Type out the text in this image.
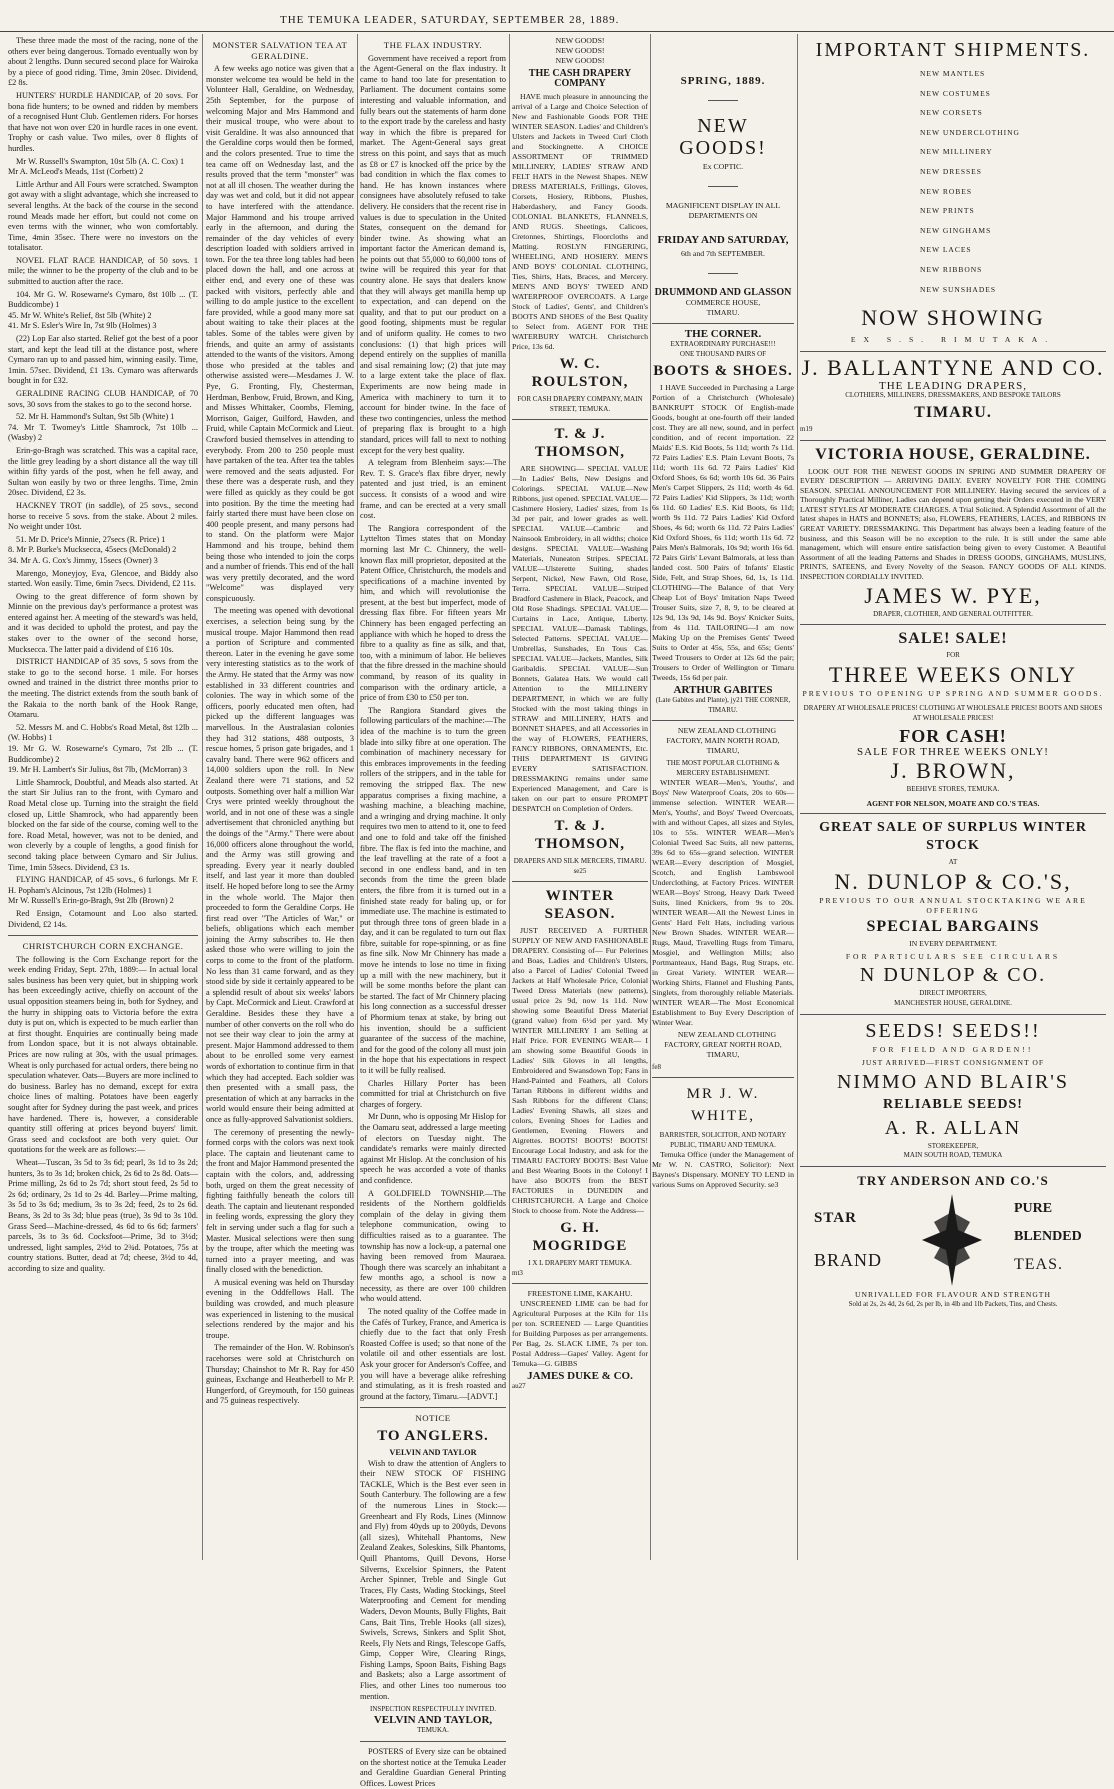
THE TEMUKA LEADER, SATURDAY, SEPTEMBER 28, 1889.

These three made the most of the racing, none of the others ever being dangerous. Tornado eventually won by about 2 lengths. Dunn secured second place for Wairoka by a piece of good riding. Time, 3min 20sec. Dividend, £2 8s.

HUNTERS' HURDLE HANDICAP, of 20 sovs. For bona fide hunters; to be owned and ridden by members of a recognised Hunt Club. Gentlemen riders. For horses that have not won over £20 in hurdle races in one event. Trophy or cash value. Two miles, over 8 flights of hurdles.

Mr W. Russell's Swampton, 10st 5lb (A. C. Cox) 1
Mr A. McLeod's Meads, 11st (Corbett) 2

Little Arthur and All Fours were scratched. Swampton got away with a slight advantage, which she increased to several lengths. At the back of the course in the second round Meads made her effort, but could not come on even terms with the winner, who won comfortably. Time, 4min 35sec. There were no investors on the totalisator.

NOVEL FLAT RACE HANDICAP, of 50 sovs. 1 mile; the winner to be the property of the club and to be submitted to auction after the race.

104. Mr G. W. Rosewarne's Cymaro, 8st 10lb ... (T. Buddicombe) 1
45. Mr W. White's Relief, 8st 5lb (White) 2
41. Mr S. Esler's Wire In, 7st 9lb (Holmes) 3

(22) Lop Ear also started. Relief got the best of a poor start, and kept the lead till at the distance post, where Cymaro ran up to and passed him, winning easily. Time, 1min. 57sec. Dividend, £1 13s. Cymaro was afterwards bought in for £32.

GERALDINE RACING CLUB HANDICAP, of 70 sovs, 30 sovs from the stakes to go to the second horse.

52. Mr H. Hammond's Sultan, 9st 5lb (White) 1
74. Mr T. Twomey's Little Shamrock, 7st 10lb ... (Wasby) 2

Erin-go-Bragh was scratched. This was a capital race, the little grey leading by a short distance all the way till within fifty yards of the post, when he fell away, and Sultan won easily by two or three lengths. Time, 2min 20sec. Dividend, £2 3s.

HACKNEY TROT (in saddle), of 25 sovs., second horse to receive 5 sovs. from the stake. About 2 miles. No weight under 10st.

51. Mr D. Price's Minnie, 27secs (R. Price) 1
8. Mr P. Burke's Mucksecca, 45secs (McDonald) 2
34. Mr A. G. Cox's Jimmy, 15secs (Owner) 3

Marengo, Moneyjoy, Eva, Glencoe, and Biddy also started. Won easily. Time, 6min 7secs. Dividend, £2 11s.

Owing to the great difference of form shown by Minnie on the previous day's performance a protest was entered against her. A meeting of the steward's was held, and it was decided to uphold the protest, and pay the stakes over to the owner of the second horse, Mucksecca. The latter paid a dividend of £16 10s.

DISTRICT HANDICAP of 35 sovs, 5 sovs from the stake to go to the second horse. 1 mile. For horses owned and trained in the district three months prior to the meeting. The district extends from the south bank of the Rakaia to the north bank of the Hook Range, Otamaru.

52. Messrs M. and C. Hobbs's Road Metal, 8st 12lb ... (W. Hobbs) 1
19. Mr G. W. Rosewarne's Cymaro, 7st 2lb ... (T. Buddicombe) 2
19. Mr H. Lambert's Sir Julius, 8st 7lb, (McMorran) 3

Little Shamrock, Doubtful, and Meads also started. At the start Sir Julius ran to the front, with Cymaro and Road Metal close up. Turning into the straight the field closed up, Little Shamrock, who had apparently been blocked on the far side of the course, coming well to the fore. Road Metal, however, was not to be denied, and won cleverly by a couple of lengths, a good finish for second taking place between Cymaro and Sir Julius. Time, 1min 53secs. Dividend, £3 1s.

FLYING HANDICAP, of 45 sovs., 6 furlongs. Mr F. H. Popham's Alcinous, 7st 12lb (Holmes) 1
Mr W. Russell's Erin-go-Bragh, 9st 2lb (Brown) 2

Red Ensign, Cotamount and Loo also started. Dividend, £2 14s.

CHRISTCHURCH CORN EXCHANGE.

The following is the Corn Exchange report for the week ending Friday, Sept. 27th, 1889:— In actual local sales business has been very quiet, but in shipping work has been exceedingly active, chiefly on account of the usual opposition steamers being in, both for Sydney, and the hurry in shipping oats to Victoria before the extra duty is put on, which is expected to be much earlier than at first thought. Enquiries are continually being made from London space, but it is not always obtainable. Prices are now ruling at 30s, with the usual primages. Wheat is only purchased for actual orders, there being no speculation whatever. Oats—Buyers are more inclined to do business. Barley has no demand, except for extra choice lines of malting. Potatoes have been eagerly sought after for Sydney during the past week, and prices have hardened. There is, however, a considerable quantity still offering at prices beyond buyers' limit. Grass seed and cocksfoot are both very quiet. Our quotations for the week are as follows:—

Wheat—Tuscan, 3s 5d to 3s 6d; pearl, 3s 1d to 3s 2d; hunters, 3s to 3s 1d; broken chick, 2s 6d to 2s 8d. Oats—Prime milling, 2s 6d to 2s 7d; short stout feed, 2s 5d to 2s 6d; ordinary, 2s 1d to 2s 4d. Barley—Prime malting, 3s 5d to 3s 6d; medium, 3s to 3s 2d; feed, 2s to 2s 6d. Beans, 3s 2d to 3s 3d; blue peas (true), 3s 9d to 3s 10d. Grass Seed—Machine-dressed, 4s 6d to 6s 6d; farmers' parcels, 3s to 3s 6d. Cocksfoot—Prime, 3d to 3½d; undressed, light samples, 2½d to 2¾d. Potatoes, 75s at country stations. Butter, dead at 7d; cheese, 3½d to 4d, according to size and quality.

MONSTER SALVATION TEA AT GERALDINE.

A few weeks ago notice was given that a monster welcome tea would be held in the Volunteer Hall, Geraldine, on Wednesday, 25th September, for the purpose of welcoming Major and Mrs Hammond and their musical troupe, who were about to visit Geraldine. It was also announced that the Geraldine corps would then be formed, and the colors presented. True to time the tea came off on Wednesday last, and the results proved that the term "monster" was not at all ill chosen. The weather during the day was wet and cold, but it did not appear to have interfered with the attendance. Major Hammond and his troupe arrived early in the afternoon, and during the remainder of the day vehicles of every description loaded with soldiers arrived in town. For the tea three long tables had been placed down the hall, and one across at either end, and every one of these was packed with visitors, perfectly able and willing to do ample justice to the excellent fare provided, while a good many more sat about waiting to take their places at the tables. Some of the tables were given by friends, and quite an army of assistants attended to the wants of the visitors. Among those who presided at the tables and otherwise assisted were—Mesdames J. W. Pye, G. Fronting, Fly, Chesterman, Herdman, Benbow, Fruid, Brown, and King, and Misses Whittaker, Coombs, Fleming, Morrison, Gaiger, Guilford, Hawden, and Fruid, while Captain McCormick and Lieut. Crawford busied themselves in attending to everybody. From 200 to 250 people must have partaken of the tea. After tea the tables were removed and the seats adjusted. For these there was a desperate rush, and they were filled as quickly as they could be got into position. By the time the meeting had fairly started there must have been close on 400 people present, and many persons had to stand. On the platform were Major Hammond and his troupe, behind them being those who intended to join the corps and a number of friends. This end of the hall was very prettily decorated, and the word "Welcome" was displayed very conspicuously.

The meeting was opened with devotional exercises, a selection being sung by the musical troupe. Major Hammond then read a portion of Scripture and commented thereon. Later in the evening he gave some very interesting statistics as to the work of the Army. He stated that the Army was now established in 33 different countries and colonies. The way in which some of the officers, poorly educated men often, had picked up the different languages was marvellous. In the Australasian colonies they had 312 stations, 488 outposts, 3 rescue homes, 5 prison gate brigades, and 1 cavalry band. There were 962 officers and 14,000 soldiers upon the roll. In New Zealand there were 71 stations, and 52 outposts. Something over half a million War Crys were printed weekly throughout the world, and in not one of these was a single advertisement that chronicled anything but the doings of the "Army." There were about 16,000 officers alone throughout the world, and the Army was still growing and spreading. Every year it nearly doubled itself, and last year it more than doubled itself. He hoped before long to see the Army in the whole world. The Major then proceeded to form the Geraldine Corps. He first read over "The Articles of War," or beliefs, obligations which each member joining the Army subscribes to. He then asked those who were willing to join the corps to come to the front of the platform. No less than 31 came forward, and as they stood side by side it certainly appeared to be a splendid result of about six weeks' labors by Capt. McCormick and Lieut. Crawford at Geraldine. Besides these they have a number of other converts on the roll who do not see their way clear to join the army at present. Major Hammond addressed to them about to be enrolled some very earnest words of exhortation to continue firm in that which they had accepted. Each soldier was then presented with a small pass, the presentation of which at any barracks in the world would ensure their being admitted at once as fully-approved Salvationist soldiers.

The ceremony of presenting the newly-formed corps with the colors was next took place. The captain and lieutenant came to the front and Major Hammond presented the captain with the colors, and, addressing both, urged on them the great necessity of fighting faithfully beneath the colors till death. The captain and lieutenant responded in feeling words, expressing the glory they felt in serving under such a flag for such a Master. Musical selections were then sung by the troupe, after which the meeting was turned into a prayer meeting, and was finally closed with the benediction.

A musical evening was held on Thursday evening in the Oddfellows Hall. The building was crowded, and much pleasure was experienced in listening to the musical selections rendered by the major and his troupe.

The remainder of the Hon. W. Robinson's racehorses were sold at Christchurch on Thursday; Chainshot to Mr R. Ray for 450 guineas, Exchange and Heatherbell to Mr P. Hungerford, of Greymouth, for 150 guineas and 75 guineas respectively.

THE FLAX INDUSTRY.

Government have received a report from the Agent-General on the flax industry. It came to hand too late for presentation to Parliament. The document contains some interesting and valuable information, and fully bears out the statements of harm done to the export trade by the careless and hasty way in which the fibre is prepared for market. The Agent-General says great stress on this point, and says that as much as £8 or £7 is knocked off the price by the bad condition in which the flax comes to hand. He has known instances where consignees have absolutely refused to take delivery. He considers that the recent rise in values is due to speculation in the United States, consequent on the demand for binder twine. As showing what an important factor the American demand is, he points out that 55,000 to 60,000 tons of twine will be required this year for that country alone. He says that dealers know that they will always get manilla hemp up to expectation, and can depend on the quality, and that to put our product on a good footing, shipments must be regular and of uniform quality. He comes to two conclusions: (1) that high prices will depend entirely on the supplies of manilla and sisal remaining low; (2) that jute may to a large extent take the place of flax. Experiments are now being made in America with machinery to turn it to account for binder twine. In the face of these two contingencies, unless the method of preparing flax is brought to a high standard, prices will fall to next to nothing except for the very best quality.

A telegram from Blenheim says:—The Rev. T. S. Grace's flax fibre dryer, newly patented and just tried, is an eminent success. It consists of a wood and wire frame, and can be erected at a very small cost.

The Rangiora correspondent of the Lyttelton Times states that on Monday morning last Mr C. Chinnery, the well-known flax mill proprietor, deposited at the Patent Office, Christchurch, the models and specifications of a machine invented by him, and which will revolutionise the present, at the best but imperfect, mode of dressing flax fibre. For fifteen years Mr Chinnery has been engaged perfecting an appliance with which he hoped to dress the fibre to a quality as fine as silk, and that, too, with a minimum of labor. He believes that the fibre dressed in the machine should command, by reason of its quality in comparison with the ordinary article, a price of from £30 to £50 per ton.

The Rangiora Standard gives the following particulars of the machine:—The idea of the machine is to turn the green blade into silky fibre at one operation. The combination of machinery necessary for this embraces improvements in the feeding rollers of the strippers, and in the table for removing the stripped flax. The new apparatus comprises a fixing machine, a washing machine, a bleaching machine, and a wringing and drying machine. It only requires two men to attend to it, one to feed and one to fold and take off the finished fibre. The flax is fed into the machine, and the leaf travelling at the rate of a foot a second in one endless band, and in ten seconds from the time the green blade enters, the fibre from it is turned out in a finished state ready for baling up, or for immediate use. The machine is estimated to put through three tons of green blade in a day, and it can be regulated to turn out flax fibre, suitable for rope-spinning, or as fine as fine silk. Now Mr Chinnery has made a move he intends to lose no time in fixing up a mill with the new machinery, but it will be some months before the plant can be started. The fact of Mr Chinnery placing his long connection as a successful dresser of Phormium tenax at stake, by bring out his invention, should be a sufficient guarantee of the success of the machine, and for the good of the colony all must join in the hope that his expectations in respect to it will be fully realised.

Charles Hillary Porter has been committed for trial at Christchurch on five charges of forgery.

Mr Dunn, who is opposing Mr Hislop for the Oamaru seat, addressed a large meeting of electors on Tuesday night. The candidate's remarks were mainly directed against Mr Hislop. At the conclusion of his speech he was accorded a vote of thanks and confidence.

A GOLDFIELD TOWNSHIP.—The residents of the Northern goldfields complain of the delay in giving them telephone communication, owing to difficulties raised as to a guarantee. The township has now a lock-up, a paternal one having been removed from Mauraea. Though there was scarcely an inhabitant a few months ago, a school is now a necessity, as there are over 100 children who would attend.

The noted quality of the Coffee made in the Cafés of Turkey, France, and America is chiefly due to the fact that only Fresh Roasted Coffee is used; so that none of the volatile oil and other essentials are lost. Ask your grocer for Anderson's Coffee, and you will have a beverage alike refreshing and stimulating, as it is fresh roasted and ground at the factory, Timaru.—[ADVT.]

NOTICE
TO ANGLERS.
VELVIN AND TAYLOR

Wish to draw the attention of Anglers to their NEW STOCK OF FISHING TACKLE, Which is the Best ever seen in South Canterbury. The following are a few of the numerous Lines in Stock:—Greenheart and Fly Rods, Lines (Minnow and Fly) from 40yds up to 200yds, Devons (all sizes), Whitehall Phantoms, New Zealand Zeakes, Soleskins, Silk Phantoms, Quill Phantoms, Quill Devons, Horse Silverns, Excelsior Spinners, the Patent Archer Spinner, Treble and Single Gut Traces, Fly Casts, Wading Stockings, Steel Waterproofing and Cement for mending Waders, Devon Mounts, Bully Flights, Bait Cans, Bait Tins, Treble Hooks (all sizes), Swivels, Screws, Sinkers and Split Shot, Reels, Fly Nets and Rings, Telescope Gaffs, Gimp, Copper Wire, Clearing Rings, Fishing Lamps, Spoon Baits, Fishing Bags and Baskets; also a Large assortment of Flies, and other Lines too numerous too mention.

INSPECTION RESPECTFULLY INVITED.
VELVIN AND TAYLOR,
TEMUKA.

POSTERS of Every size can be obtained on the shortest notice at the Temuka Leader and Geraldine Guardian General Printing Offices. Lowest Prices

NEW GOODS!
NEW GOODS!
NEW GOODS!
THE CASH DRAPERY COMPANY

HAVE much pleasure in announcing the arrival of a Large and Choice Selection of New and Fashionable Goods FOR THE WINTER SEASON. Ladies' and Children's Ulsters and Jackets in Tweed Curl Cloth and Stockingnette. A CHOICE ASSORTMENT OF TRIMMED MILLINERY, LADIES' STRAW AND FELT HATS in the Newest Shapes. NEW DRESS MATERIALS, Frillings, Gloves, Corsets, Hosiery, Ribbons, Plushes, Haberdashery, and Fancy Goods. COLONIAL BLANKETS, FLANNELS, AND RUGS. Sheetings, Calicoes, Cretonnes, Shirtings, Floorcloths and Matting. ROSLYN FINGERING, WHEELING, AND HOSIERY. MEN'S AND BOYS' COLONIAL CLOTHING, Ties, Shirts, Hats, Braces, and Mercery. MEN'S AND BOYS' TWEED AND WATERPROOF OVERCOATS. A Large Stock of Ladies', Gents', and Children's BOOTS AND SHOES of the Best Quality to Select from. AGENT FOR THE WATERBURY WATCH. Christchurch Price, 13s 6d.

W. C. ROULSTON,
FOR CASH DRAPERY COMPANY, MAIN STREET, TEMUKA.
T. & J. THOMSON,

ARE SHOWING— SPECIAL VALUE—In Ladies' Belts, New Designs and Colorings. SPECIAL VALUE—New Ribbons, just opened. SPECIAL VALUE—Cashmere Hosiery, Ladies' sizes, from 1s 3d per pair, and lower grades as well. SPECIAL VALUE—Cambric and Nainsook Embroidery, in all widths; choice designs. SPECIAL VALUE—Washing Materials, Nuneaton Stripes. SPECIAL VALUE—Ulsterette Suiting, shades Serpent, Nickel, New Fawn, Old Rose, Terra. SPECIAL VALUE—Striped Bradford Cashmere in Black, Peacock, and Old Rose Shadings. SPECIAL VALUE—Curtains in Lace, Antique, Liberty. SPECIAL VALUE—Damask Tablings, Selected Patterns. SPECIAL VALUE—Umbrellas, Sunshades, En Tous Cas. SPECIAL VALUE—Jackets, Mantles, Silk Garibaldis. SPECIAL VALUE—Sun Bonnets, Galatea Hats. We would call Attention to the MILLINERY DEPARTMENT, in which we are fully Stocked with the most taking things in STRAW and MILLINERY, HATS and BONNET SHAPES, and all Accessories in the way of FLOWERS, FEATHERS, FANCY RIBBONS, ORNAMENTS, Etc. THIS DEPARTMENT IS GIVING EVERY SATISFACTION. DRESSMAKING remains under same Experienced Management, and Care is taken on our part to ensure PROMPT DESPATCH on Completion of Orders.

T. & J. THOMSON,
DRAPERS AND SILK MERCERS, TIMARU. se25
WINTER SEASON.

JUST RECEIVED A FURTHER SUPPLY OF NEW AND FASHIONABLE DRAPERY. Consisting of— Fur Pelerines and Boas, Ladies and Children's Ulsters, also a Parcel of Ladies' Colonial Tweed Jackets at Half Wholesale Price, Colonial Tweed Dress Materials (new patterns), usual price 2s 9d, now 1s 11d. Now showing some Beautiful Dress Material (grand value) from 6½d per yard. My WINTER MILLINERY I am Selling at Half Price. FOR EVENING WEAR— I am showing some Beautiful Goods in Ladies' Silk Gloves in all lengths, Embroidered and Swansdown Top; Fans in Hand-Painted and Feathers, all Colors Tartan Ribbons in different widths and Sash Ribbons for the different Clans; Ladies' Evening Shawls, all sizes and colors, Evening Shoes for Ladies and Gentlemen, Evening Flowers and Aigrettes. BOOTS! BOOTS! BOOTS! Encourage Local Industry, and ask for the TIMARU FACTORY BOOTS: Best Value and Best Wearing Boots in the Colony! I have also BOOTS from the BEST FACTORIES in DUNEDIN and CHRISTCHURCH. A Large and Choice Stock to choose from. Note the Address—

G. H. MOGRIDGE
I X L DRAPERY MART TEMUKA.
mt3
FREESTONE LIME, KAKAHU.

UNSCREENED LIME can be had for Agricultural Purposes at the Kiln for 11s per ton. SCREENED — Large Quantities for Building Purposes as per arrangements. Per Bag, 2s. SLACK LIME, 7s per ton. Postal Address—Gapes' Valley. Agent for Temuka—G. GIBBS

JAMES DUKE & CO.
au27
SPRING, 1889.
NEW GOODS!
Ex COPTIC.
MAGNIFICENT DISPLAY IN ALL DEPARTMENTS ON
FRIDAY AND SATURDAY,
6th and 7th SEPTEMBER.
DRUMMOND AND GLASSON
COMMERCE HOUSE,
TIMARU.
THE CORNER.
EXTRAORDINARY PURCHASE!!!
ONE THOUSAND PAIRS OF
BOOTS & SHOES.

I HAVE Succeeded in Purchasing a Large Portion of a Christchurch (Wholesale) BANKRUPT STOCK Of English-made Goods, bought at one-fourth off their landed cost. They are all new, sound, and in perfect condition, and of recent importation. 22 Maids' E.S. Kid Boots, 5s 11d; worth 7s 11d. 72 Pairs Ladies' E.S. Plain Levant Boots, 7s 11d; worth 11s 6d. 72 Pairs Ladies' Kid Oxford Shoes, 6s 6d; worth 10s 6d. 36 Pairs Men's Carpet Slippers, 2s 11d; worth 4s 6d. 72 Pairs Ladies' Kid Slippers, 3s 11d; worth 6s 11d. 60 Ladies' E.S. Kid Boots, 6s 11d; worth 9s 11d. 72 Pairs Ladies' Kid Oxford Shoes, 4s 6d; worth 6s 11d. 72 Pairs Ladies' Kid Oxford Shoes, 6s 11d; worth 11s 6d. 72 Pairs Men's Balmorals, 10s 9d; worth 16s 6d. 72 Pairs Girls' Levant Balmorals, at less than landed cost. 500 Pairs of Infants' Elastic Side, Felt, and Strap Shoes, 6d, 1s, 1s 11d. CLOTHING—The Balance of that Very Cheap Lot of Boys' Imitation Naps Tweed Trouser Suits, size 7, 8, 9, to be cleared at 12s 9d, 13s 9d, 14s 9d. Boys' Knicker Suits, from 4s 11d. TAILORING—I am now Making Up on the Premises Gents' Tweed Suits to Order at 45s, 55s, and 65s; Gents' Tweed Trousers to Order at 12s 6d the pair; Trousers to Order of Wellington or Timaru Tweeds, 15s 6d per pair.

ARTHUR GABITES
(Late Gabites and Plante), jy21 THE CORNER, TIMARU.

NEW ZEALAND CLOTHING FACTORY, MAIN NORTH ROAD, TIMARU,

THE MOST POPULAR CLOTHING & MERCERY ESTABLISHMENT.

WINTER WEAR—Men's, Youths', and Boys' New Waterproof Coats, 20s to 60s—immense selection. WINTER WEAR—Men's, Youths', and Boys' Tweed Overcoats, with and without Capes, all sizes and Styles, 10s to 55s. WINTER WEAR—Men's Colonial Tweed Sac Suits, all new patterns, 39s 6d to 65s—grand selection. WINTER WEAR—Every description of Mosgiel, Scotch, and English Lambswool Underclothing, at Factory Prices. WINTER WEAR—Boys' Strong, Heavy Dark Tweed Suits, lined Knickers, from 9s to 20s. WINTER WEAR—All the Newest Lines in Gents' Hard Felt Hats, including various New Brown Shades. WINTER WEAR—Rugs, Maud, Travelling Rugs from Timaru, Mosgiel, and Wellington Mills; also Portmanteaux, Hand Bags, Rug Straps, etc. in Great Variety. WINTER WEAR—Working Shirts, Flannel and Flushing Pants, Singlets, from thoroughly reliable Materials. WINTER WEAR—The Most Economical Establishment to Buy Every Description of Winter Wear.

NEW ZEALAND CLOTHING FACTORY, GREAT NORTH ROAD, TIMARU,

fe8
MR J. W. WHITE,
BARRISTER, SOLICITOR, AND NOTARY PUBLIC, TIMARU AND TEMUKA.

Temuka Office (under the Management of Mr W. N. CASTRO, Solicitor): Next Baynes's Dispensary. MONEY TO LEND in various Sums on Approved Security. se3

IMPORTANT SHIPMENTS.
NEW MANTLES
NEW COSTUMES
NEW CORSETS
NEW UNDERCLOTHING
NEW MILLINERY
NEW DRESSES
NEW ROBES
NEW PRINTS
NEW GINGHAMS
NEW LACES
NEW RIBBONS
NEW SUNSHADES
NOW SHOWING
EX S.S. RIMUTAKA.
J. BALLANTYNE AND CO.
THE LEADING DRAPERS,
CLOTHIERS, MILLINERS, DRESSMAKERS, AND BESPOKE TAILORS
TIMARU.
m19
VICTORIA HOUSE, GERALDINE.

LOOK OUT FOR THE NEWEST GOODS IN SPRING AND SUMMER DRAPERY OF EVERY DESCRIPTION — ARRIVING DAILY. EVERY NOVELTY FOR THE COMING SEASON. SPECIAL ANNOUNCEMENT FOR MILLINERY. Having secured the services of a Thoroughly Practical Milliner, Ladies can depend upon getting their Orders executed in the VERY LATEST STYLES AT MODERATE CHARGES. A Trial Solicited. A Splendid Assortment of all the latest shapes in HATS and BONNETS; also, FLOWERS, FEATHERS, LACES, and RIBBONS IN GREAT VARIETY. DRESSMAKING. This Department has always been a leading feature of the business, and this Season will be no exception to the rule. It is still under the same able management, which will ensure entire satisfaction being given to every Customer. A Beautiful Assortment of all the leading Patterns and Shades in DRESS GOODS, GINGHAMS, MUSLINS, PRINTS, SATEENS, and Every Novelty of the Season. FANCY GOODS OF ALL KINDS. INSPECTION CORDIALLY INVITED.

JAMES W. PYE,
DRAPER, CLOTHIER, AND GENERAL OUTFITTER.
SALE! SALE!
FOR
THREE WEEKS ONLY
PREVIOUS TO OPENING UP SPRING AND SUMMER GOODS.
DRAPERY AT WHOLESALE PRICES! CLOTHING AT WHOLESALE PRICES! BOOTS AND SHOES AT WHOLESALE PRICES!
FOR CASH!
SALE FOR THREE WEEKS ONLY!
J. BROWN,
BEEHIVE STORES, TEMUKA.
AGENT FOR NELSON, MOATE AND CO.'S TEAS.
GREAT SALE OF SURPLUS WINTER STOCK
AT
N. DUNLOP & CO.'S,
PREVIOUS TO OUR ANNUAL STOCKTAKING WE ARE OFFERING
SPECIAL BARGAINS
IN EVERY DEPARTMENT.
FOR PARTICULARS SEE CIRCULARS
N DUNLOP & CO.
DIRECT IMPORTERS,
MANCHESTER HOUSE, GERALDINE.
SEEDS! SEEDS!!
FOR FIELD AND GARDEN!!
JUST ARRIVED—FIRST CONSIGNMENT OF
NIMMO AND BLAIR'S
RELIABLE SEEDS!
A. R. ALLAN
STOREKEEPER,
MAIN SOUTH ROAD, TEMUKA
TRY ANDERSON AND CO.'S
STAR
BRAND
PURE
BLENDED
TEAS.
UNRIVALLED FOR FLAVOUR AND STRENGTH
Sold at 2s, 2s 4d, 2s 6d, 2s per lb, in 4lb and 1lb Packets, Tins, and Chests.
